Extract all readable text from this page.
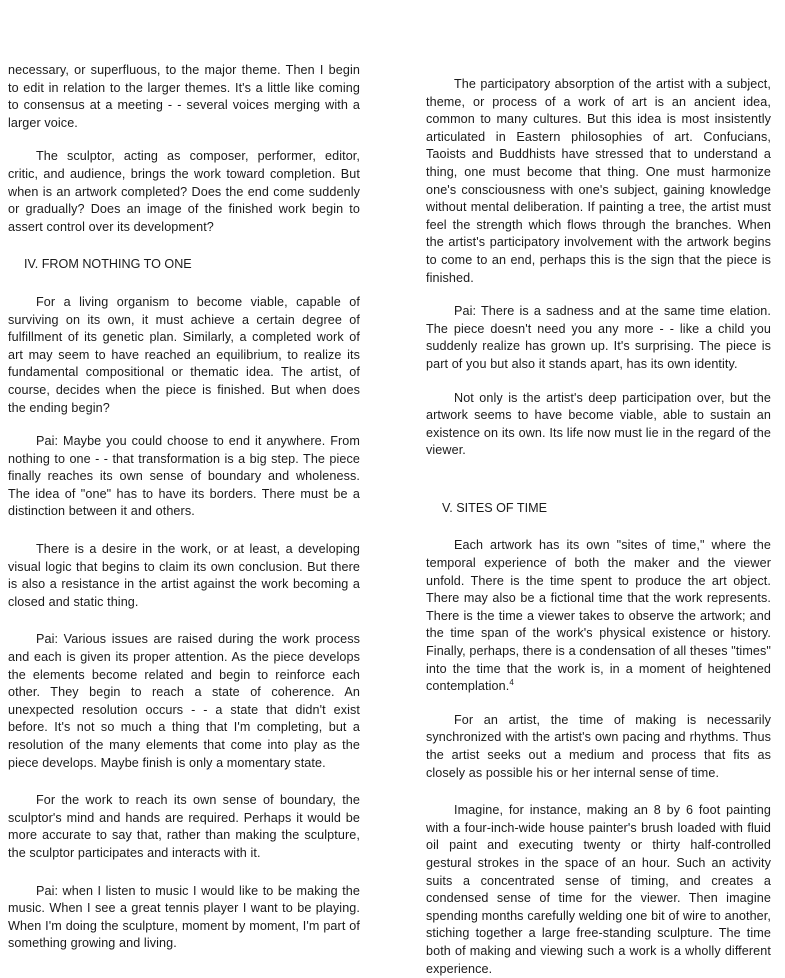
necessary, or superfluous, to the major theme. Then I begin to edit in relation to the larger themes. It's a little like coming to consensus at a meeting - - several voices merging with a larger voice.

The sculptor, acting as composer, performer, editor, critic, and audience, brings the work toward completion. But when is an artwork completed? Does the end come suddenly or gradually? Does an image of the finished work begin to assert control over its development?

IV. FROM NOTHING TO ONE

For a living organism to become viable, capable of surviving on its own, it must achieve a certain degree of fulfillment of its genetic plan. Similarly, a completed work of art may seem to have reached an equilibrium, to realize its fundamental compositional or thematic idea. The artist, of course, decides when the piece is finished. But when does the ending begin?

Pai: Maybe you could choose to end it anywhere. From nothing to one - - that transformation is a big step. The piece finally reaches its own sense of boundary and wholeness. The idea of "one" has to have its borders. There must be a distinction between it and others.

There is a desire in the work, or at least, a developing visual logic that begins to claim its own conclusion. But there is also a resistance in the artist against the work becoming a closed and static thing.

Pai: Various issues are raised during the work process and each is given its proper attention. As the piece develops the elements become related and begin to reinforce each other. They begin to reach a state of coherence. An unexpected resolution occurs - - a state that didn't exist before. It's not so much a thing that I'm completing, but a resolution of the many elements that come into play as the piece develops. Maybe finish is only a momentary state.

For the work to reach its own sense of boundary, the sculptor's mind and hands are required. Perhaps it would be more accurate to say that, rather than making the sculpture, the sculptor participates and interacts with it.

Pai: when I listen to music I would like to be making the music. When I see a great tennis player I want to be playing. When I'm doing the sculpture, moment by moment, I'm part of something growing and living.

The participatory absorption of the artist with a subject, theme, or process of a work of art is an ancient idea, common to many cultures. But this idea is most insistently articulated in Eastern philosophies of art. Confucians, Taoists and Buddhists have stressed that to understand a thing, one must become that thing. One must harmonize one's consciousness with one's subject, gaining knowledge without mental deliberation. If painting a tree, the artist must feel the strength which flows through the branches. When the artist's participatory involvement with the artwork begins to come to an end, perhaps this is the sign that the piece is finished.

Pai: There is a sadness and at the same time elation. The piece doesn't need you any more - - like a child you suddenly realize has grown up. It's surprising. The piece is part of you but also it stands apart, has its own identity.

Not only is the artist's deep participation over, but the artwork seems to have become viable, able to sustain an existence on its own. Its life now must lie in the regard of the viewer.

V. SITES OF TIME

Each artwork has its own "sites of time," where the temporal experience of both the maker and the viewer unfold. There is the time spent to produce the art object. There may also be a fictional time that the work represents. There is the time a viewer takes to observe the artwork; and the time span of the work's physical existence or history. Finally, perhaps, there is a condensation of all theses "times" into the time that the work is, in a moment of heightened contemplation.$^4$

For an artist, the time of making is necessarily synchronized with the artist's own pacing and rhythms. Thus the artist seeks out a medium and process that fits as closely as possible his or her internal sense of time.

Imagine, for instance, making an 8 by 6 foot painting with a four-inch-wide house painter's brush loaded with fluid oil paint and executing twenty or thirty half-controlled gestural strokes in the space of an hour. Such an activity suits a concentrated sense of timing, and creates a condensed sense of time for the viewer. Then imagine spending months carefully welding one bit of wire to another, stiching together a large free-standing sculpture. The time both of making and viewing such a work is a wholly different experience.
